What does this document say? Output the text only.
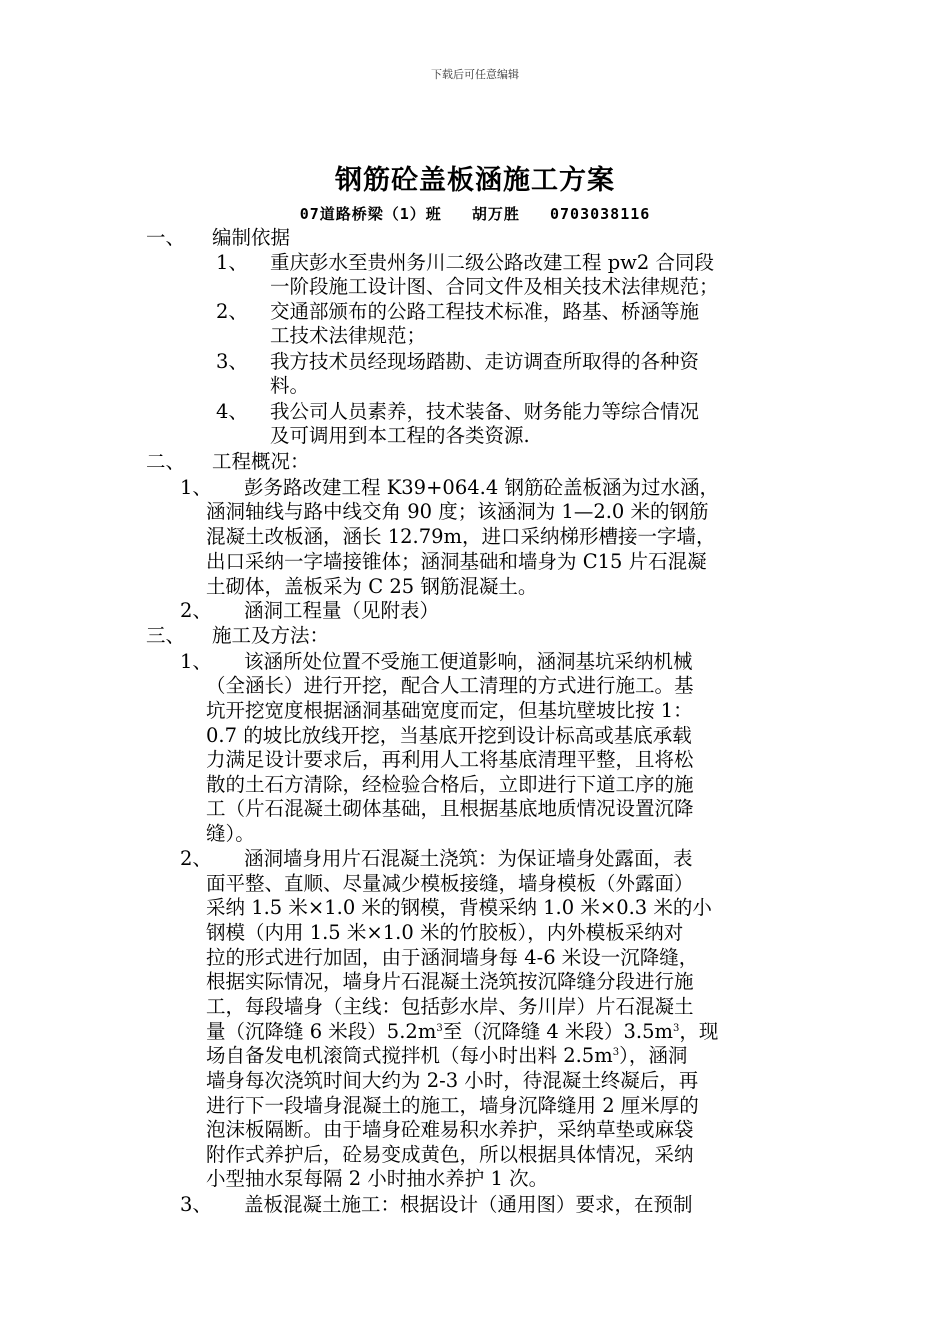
下载后可任意编辑
钢筋砼盖板涵施工方案
07道路桥梁（1）班   胡万胜   0703038116
一、 编制依据
1、 重庆彭水至贵州务川二级公路改建工程 pw2 合同段
一阶段施工设计图、合同文件及相关技术法律规范；
2、 交通部颁布的公路工程技术标准，路基、桥涵等施
工技术法律规范；
3、 我方技术员经现场踏勘、走访调查所取得的各种资
料。
4、 我公司人员素养，技术装备、财务能力等综合情况
及可调用到本工程的各类资源.
二、 工程概况：
1、 彭务路改建工程 K39+064.4 钢筋砼盖板涵为过水涵，
涵洞轴线与路中线交角 90 度；该涵洞为 1—2.0 米的钢筋
混凝土改板涵，涵长 12.79m，进口采纳梯形槽接一字墙，
出口采纳一字墙接锥体；涵洞基础和墙身为 C15 片石混凝
土砌体，盖板采为 C 25 钢筋混凝土。
2、 涵洞工程量（见附表）
三、 施工及方法：
1、 该涵所处位置不受施工便道影响，涵洞基坑采纳机械
（全涵长）进行开挖，配合人工清理的方式进行施工。基
坑开挖宽度根据涵洞基础宽度而定，但基坑壁坡比按 1：
0.7 的坡比放线开挖，当基底开挖到设计标高或基底承载
力满足设计要求后，再利用人工将基底清理平整，且将松
散的土石方清除，经检验合格后，立即进行下道工序的施
工（片石混凝土砌体基础，且根据基底地质情况设置沉降
缝）。
2、 涵洞墙身用片石混凝土浇筑：为保证墙身处露面，表
面平整、直顺、尽量减少模板接缝，墙身模板（外露面）
采纳 1.5 米×1.0 米的钢模，背模采纳 1.0 米×0.3 米的小
钢模（内用 1.5 米×1.0 米的竹胶板），内外模板采纳对
拉的形式进行加固，由于涵洞墙身每 4-6 米设一沉降缝，
根据实际情况，墙身片石混凝土浇筑按沉降缝分段进行施
工，每段墙身（主线：包括彭水岸、务川岸）片石混凝土
量（沉降缝 6 米段）$5.2m^3$至（沉降缝 4 米段）$3.5m^3$，现
场自备发电机滚筒式搅拌机（每小时出料 $2.5m^3$），涵洞
墙身每次浇筑时间大约为 2-3 小时，待混凝土终凝后，再
进行下一段墙身混凝土的施工，墙身沉降缝用 2 厘米厚的
泡沫板隔断。由于墙身砼难易积水养护，采纳草垫或麻袋
附作式养护后，砼易变成黄色，所以根据具体情况，采纳
小型抽水泵每隔 2 小时抽水养护 1 次。
3、 盖板混凝土施工：根据设计（通用图）要求，在预制
